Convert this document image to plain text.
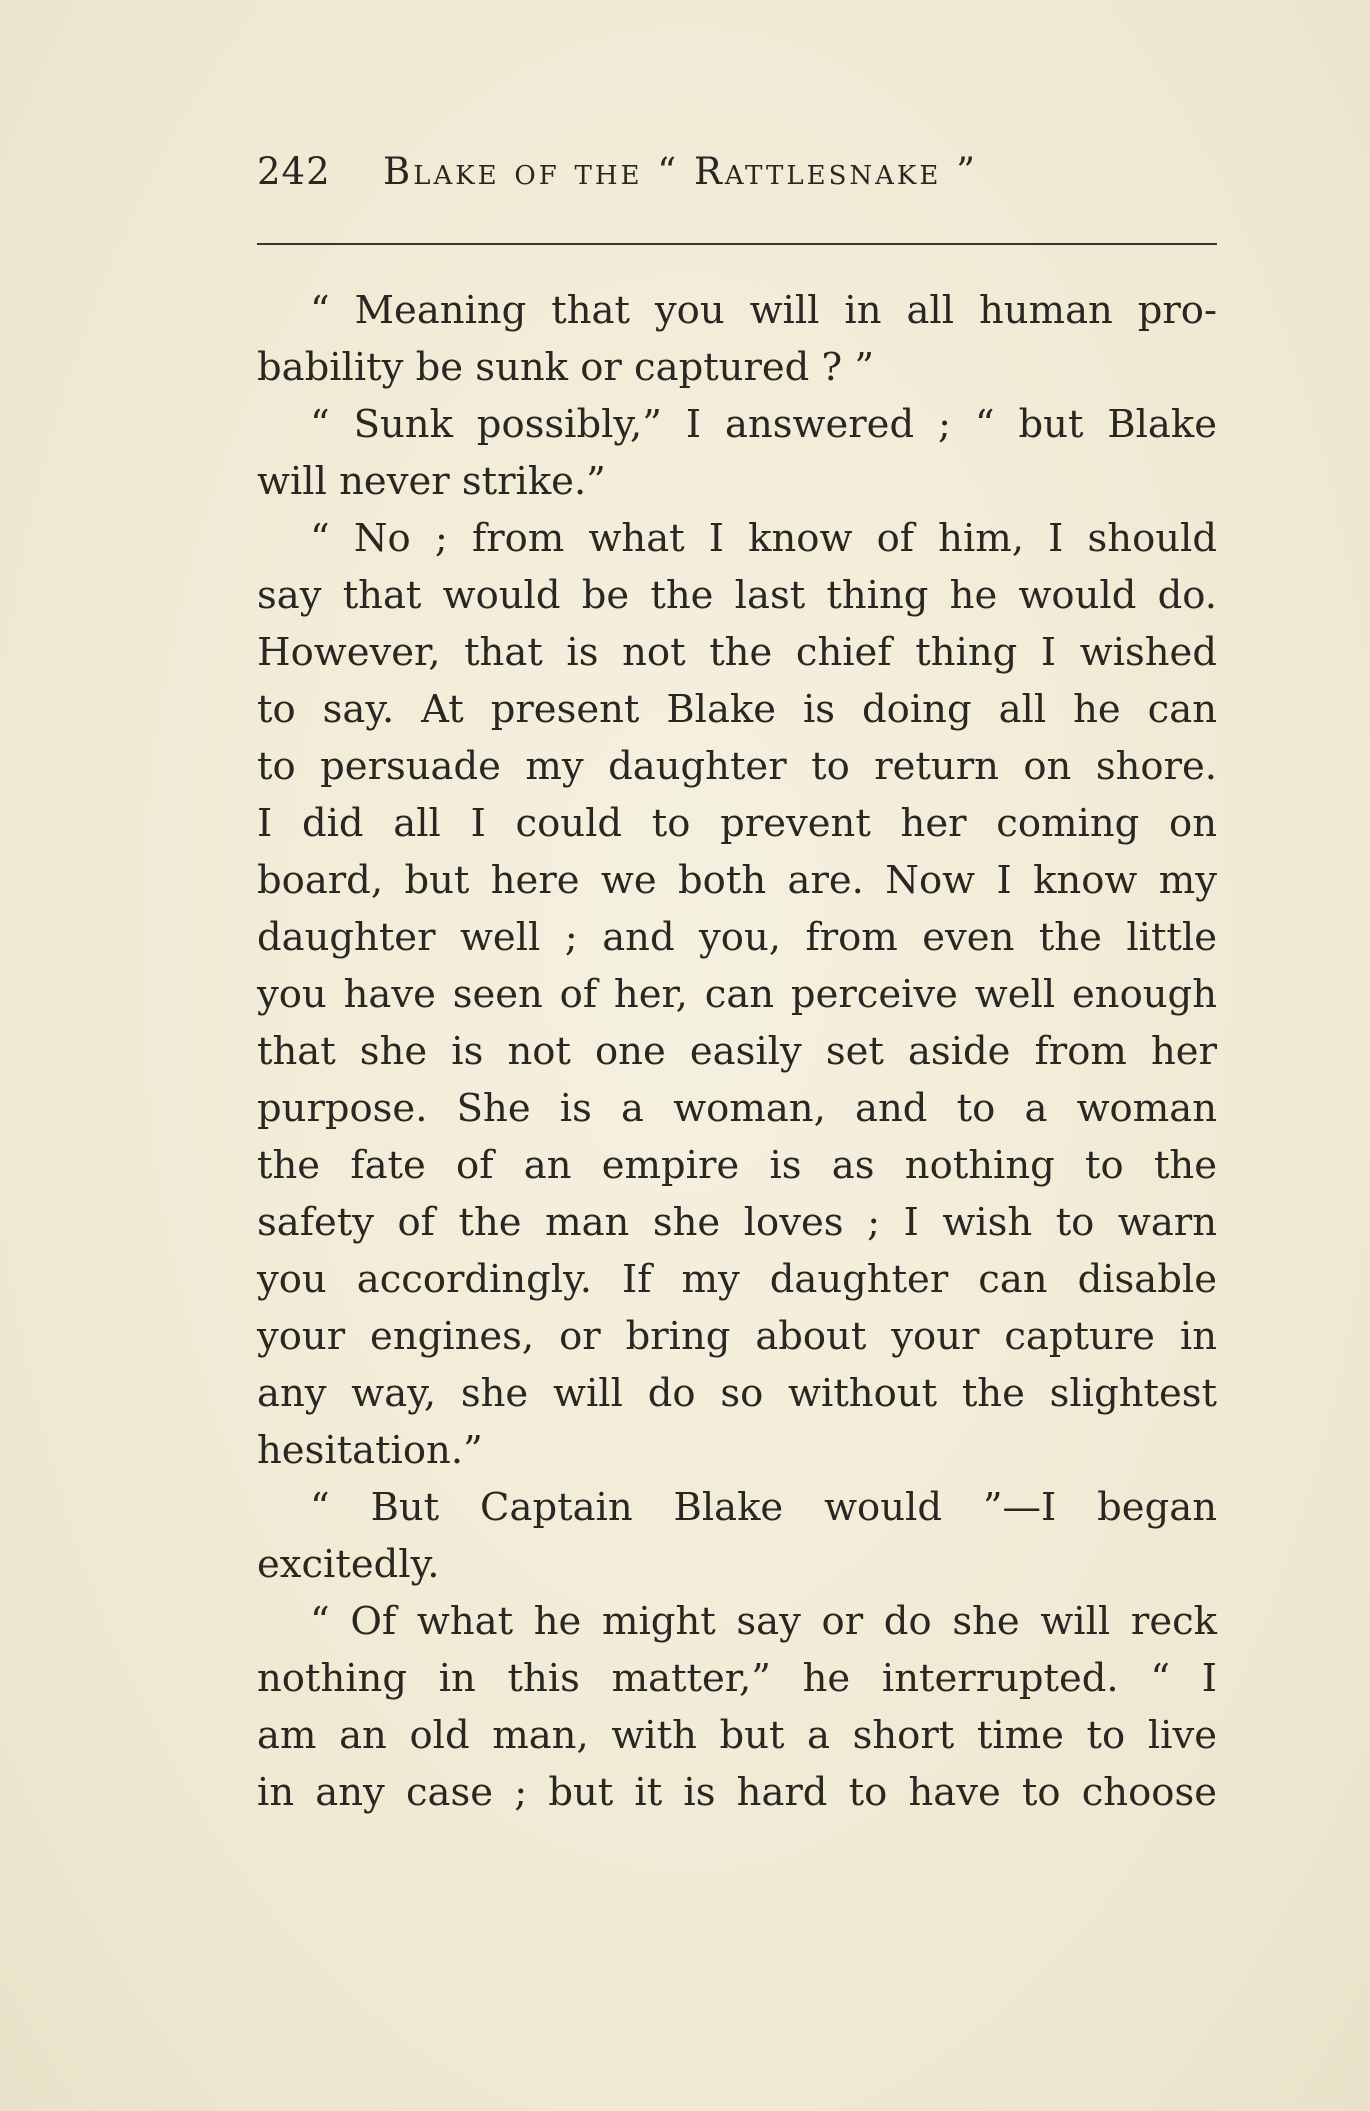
242 Blake of the “ Rattlesnake ”
“ Meaning that you will in all human pro-
bability be sunk or captured ? ”
“ Sunk possibly,” I answered ; “ but Blake
will never strike.”
“ No ; from what I know of him, I should
say that would be the last thing he would do.
However, that is not the chief thing I wished
to say. At present Blake is doing all he can
to persuade my daughter to return on shore.
I did all I could to prevent her coming on
board, but here we both are. Now I know my
daughter well ; and you, from even the little
you have seen of her, can perceive well enough
that she is not one easily set aside from her
purpose. She is a woman, and to a woman
the fate of an empire is as nothing to the
safety of the man she loves ; I wish to warn
you accordingly. If my daughter can disable
your engines, or bring about your capture in
any way, she will do so without the slightest
hesitation.”
“ But Captain Blake would ”—I began
excitedly.
“ Of what he might say or do she will reck
nothing in this matter,” he interrupted. “ I
am an old man, with but a short time to live
in any case ; but it is hard to have to choose
